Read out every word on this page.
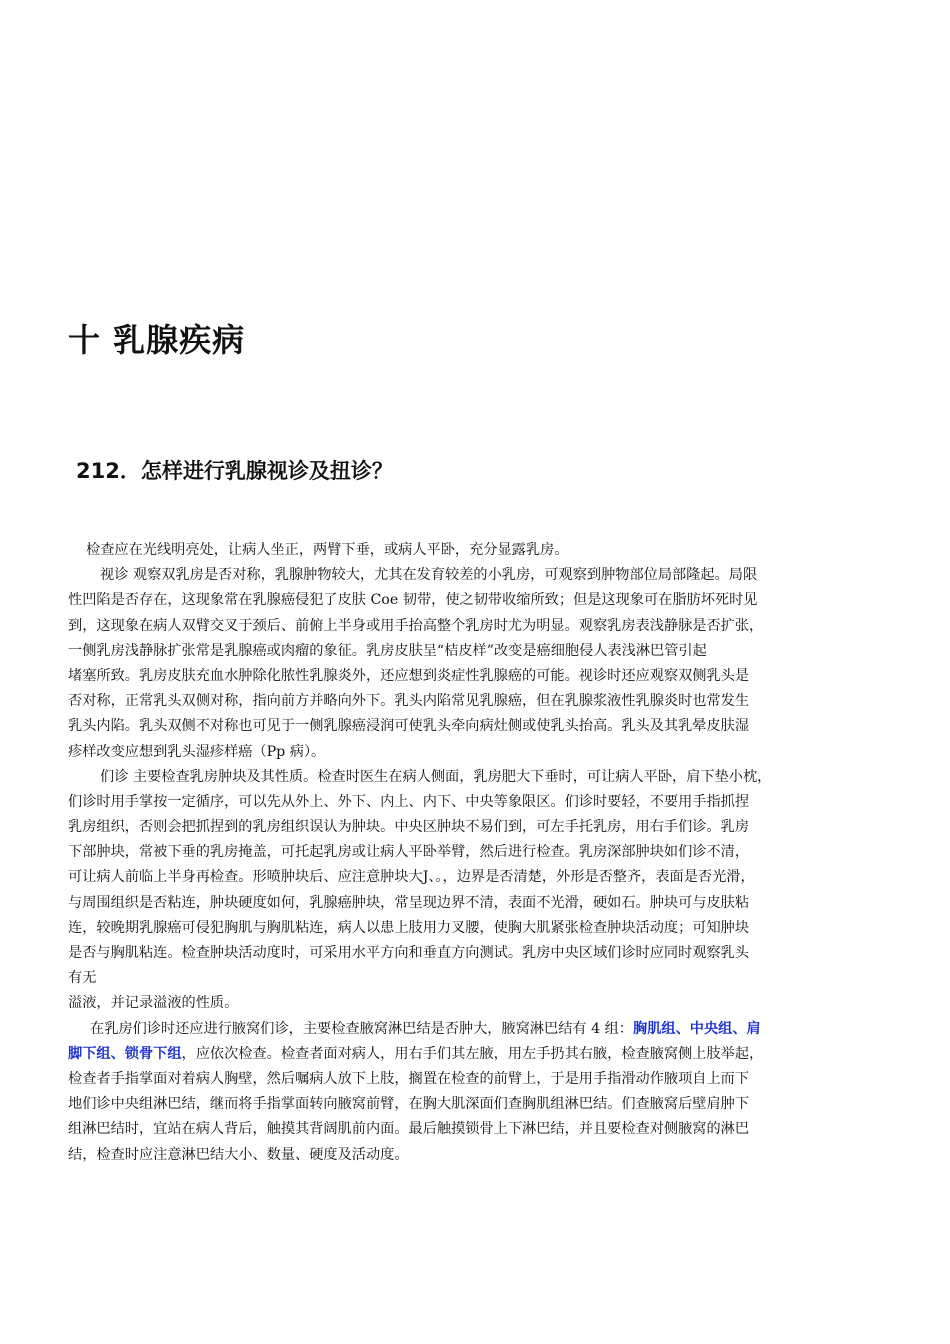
十 乳腺疾病
212．怎样进行乳腺视诊及扭诊？
检查应在光线明亮处，让病人坐正，两臂下垂，或病人平卧，充分显露乳房。
视诊 观察双乳房是否对称，乳腺肿物较大，尤其在发育较差的小乳房，可观察到肿物部位局部隆起。局限
性凹陷是否存在，这现象常在乳腺癌侵犯了皮肤 Coe 韧带，使之韧带收缩所致；但是这现象可在脂肪坏死时见
到，这现象在病人双臂交叉于颈后、前俯上半身或用手抬高整个乳房时尤为明显。观察乳房表浅静脉是否扩张，
一侧乳房浅静脉扩张常是乳腺癌或肉瘤的象征。乳房皮肤呈“桔皮样”改变是癌细胞侵人表浅淋巴管引起
堵塞所致。乳房皮肤充血水肿除化脓性乳腺炎外，还应想到炎症性乳腺癌的可能。视诊时还应观察双侧乳头是
否对称，正常乳头双侧对称，指向前方并略向外下。乳头内陷常见乳腺癌，但在乳腺浆液性乳腺炎时也常发生
乳头内陷。乳头双侧不对称也可见于一侧乳腺癌浸润可使乳头牵向病灶侧或使乳头抬高。乳头及其乳晕皮肤湿
疹样改变应想到乳头湿疹样癌（Pp 病）。
们诊 主要检查乳房肿块及其性质。检查时医生在病人侧面，乳房肥大下垂时，可让病人平卧，肩下垫小枕，
们诊时用手掌按一定循序，可以先从外上、外下、内上、内下、中央等象限区。们诊时要轻，不要用手指抓捏
乳房组织，否则会把抓捏到的乳房组织误认为肿块。中央区肿块不易们到，可左手托乳房，用右手们诊。乳房
下部肿块，常被下垂的乳房掩盖，可托起乳房或让病人平卧举臂，然后进行检查。乳房深部肿块如们诊不清，
可让病人前临上半身再检查。形喷肿块后、应注意肿块大J、。，边界是否清楚，外形是否整齐，表面是否光滑，
与周围组织是否粘连，肿块硬度如何，乳腺癌肿块，常呈现边界不清，表面不光滑，硬如石。肿块可与皮肤粘
连，较晚期乳腺癌可侵犯胸肌与胸肌粘连，病人以患上肢用力叉腰，使胸大肌紧张检查肿块活动度；可知肿块
是否与胸肌粘连。检查肿块活动度时，可采用水平方向和垂直方向测试。乳房中央区域们诊时应同时观察乳头
有无
溢液，并记录溢液的性质。
在乳房们诊时还应进行腋窝们诊，主要检查腋窝淋巴结是否肿大，腋窝淋巴结有 4 组：胸肌组、中央组、肩
脚下组、锁骨下组，应依次检查。检查者面对病人，用右手们其左腋，用左手扔其右腋，检查腋窝侧上肢举起，
检查者手指掌面对着病人胸壁，然后嘱病人放下上肢，搁置在检查的前臂上，于是用手指滑动作腋项自上而下
地们诊中央组淋巴结，继而将手指掌面转向腋窝前臂，在胸大肌深面们查胸肌组淋巴结。们查腋窝后壁肩肿下
组淋巴结时，宜站在病人背后，触摸其背阔肌前内面。最后触摸锁骨上下淋巴结，并且要检查对侧腋窝的淋巴
结，检查时应注意淋巴结大小、数量、硬度及活动度。
